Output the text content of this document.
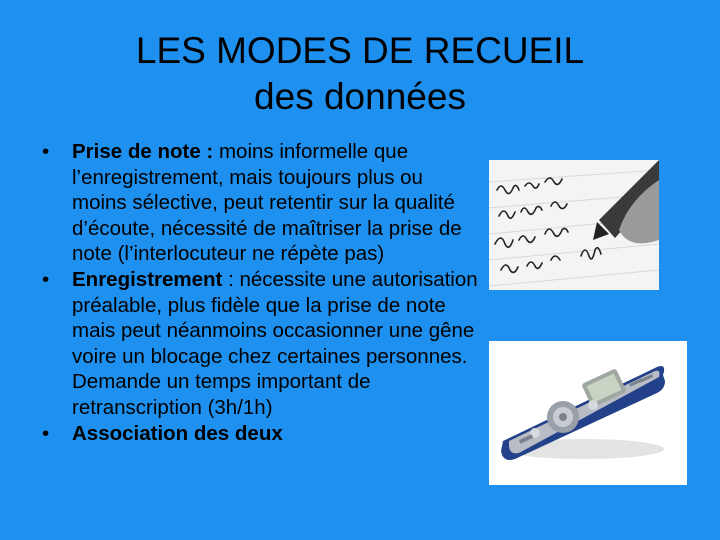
LES MODES DE RECUEIL
des données
• Prise de note : moins informelle que l’enregistrement, mais toujours plus ou moins sélective, peut retentir sur la qualité d’écoute, nécessité de maîtriser la prise de note (l’interlocuteur ne répète pas)
• Enregistrement : nécessite une autorisation préalable, plus fidèle que la prise de note mais peut néanmoins occasionner une gêne voire un blocage chez certaines personnes. Demande un temps important de retranscription (3h/1h)
• Association des deux
